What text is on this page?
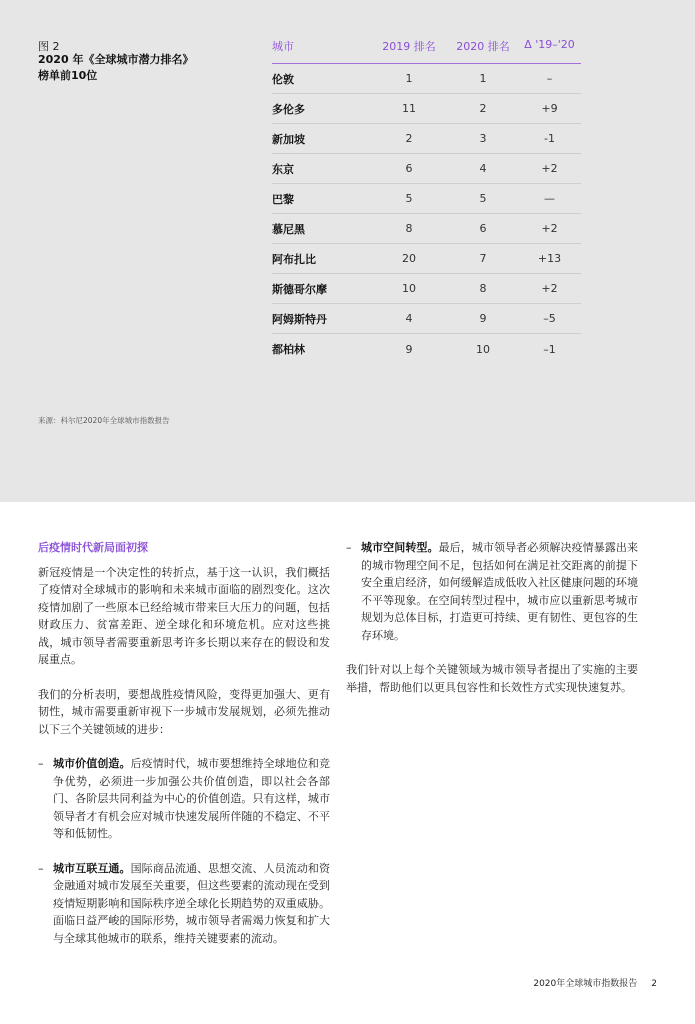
图 2
2020 年《全球城市潜力排名》
榜单前10位
城市	2019 排名	2020 排名	Δ '19–'20
伦敦	1	1	–
多伦多	11	2	+9
新加坡	2	3	-1
东京	6	4	+2
巴黎	5	5	—
慕尼黑	8	6	+2
阿布扎比	20	7	+13
斯德哥尔摩	10	8	+2
阿姆斯特丹	4	9	–5
都柏林	9	10	–1
来源：科尔尼2020年全球城市指数报告
后疫情时代新局面初探

新冠疫情是一个决定性的转折点，基于这一认识，我们概括了疫情对全球城市的影响和未来城市面临的剧烈变化。这次疫情加剧了一些原本已经给城市带来巨大压力的问题，包括财政压力、贫富差距、逆全球化和环境危机。应对这些挑战，城市领导者需要重新思考许多长期以来存在的假设和发展重点。

我们的分析表明，要想战胜疫情风险，变得更加强大、更有韧性，城市需要重新审视下一步城市发展规划，必须先推动以下三个关键领域的进步：

– 城市价值创造。后疫情时代，城市要想维持全球地位和竞争优势，必须进一步加强公共价值创造，即以社会各部门、各阶层共同利益为中心的价值创造。只有这样，城市领导者才有机会应对城市快速发展所伴随的不稳定、不平等和低韧性。
– 城市互联互通。国际商品流通、思想交流、人员流动和资金融通对城市发展至关重要，但这些要素的流动现在受到疫情短期影响和国际秩序逆全球化长期趋势的双重威胁。面临日益严峻的国际形势，城市领导者需竭力恢复和扩大与全球其他城市的联系，维持关键要素的流动。
– 城市空间转型。最后，城市领导者必须解决疫情暴露出来的城市物理空间不足，包括如何在满足社交距离的前提下安全重启经济，如何缓解造成低收入社区健康问题的环境不平等现象。在空间转型过程中，城市应以重新思考城市规划为总体目标，打造更可持续、更有韧性、更包容的生存环境。

我们针对以上每个关键领域为城市领导者提出了实施的主要举措，帮助他们以更具包容性和长效性方式实现快速复苏。

2020年全球城市指数报告 2
